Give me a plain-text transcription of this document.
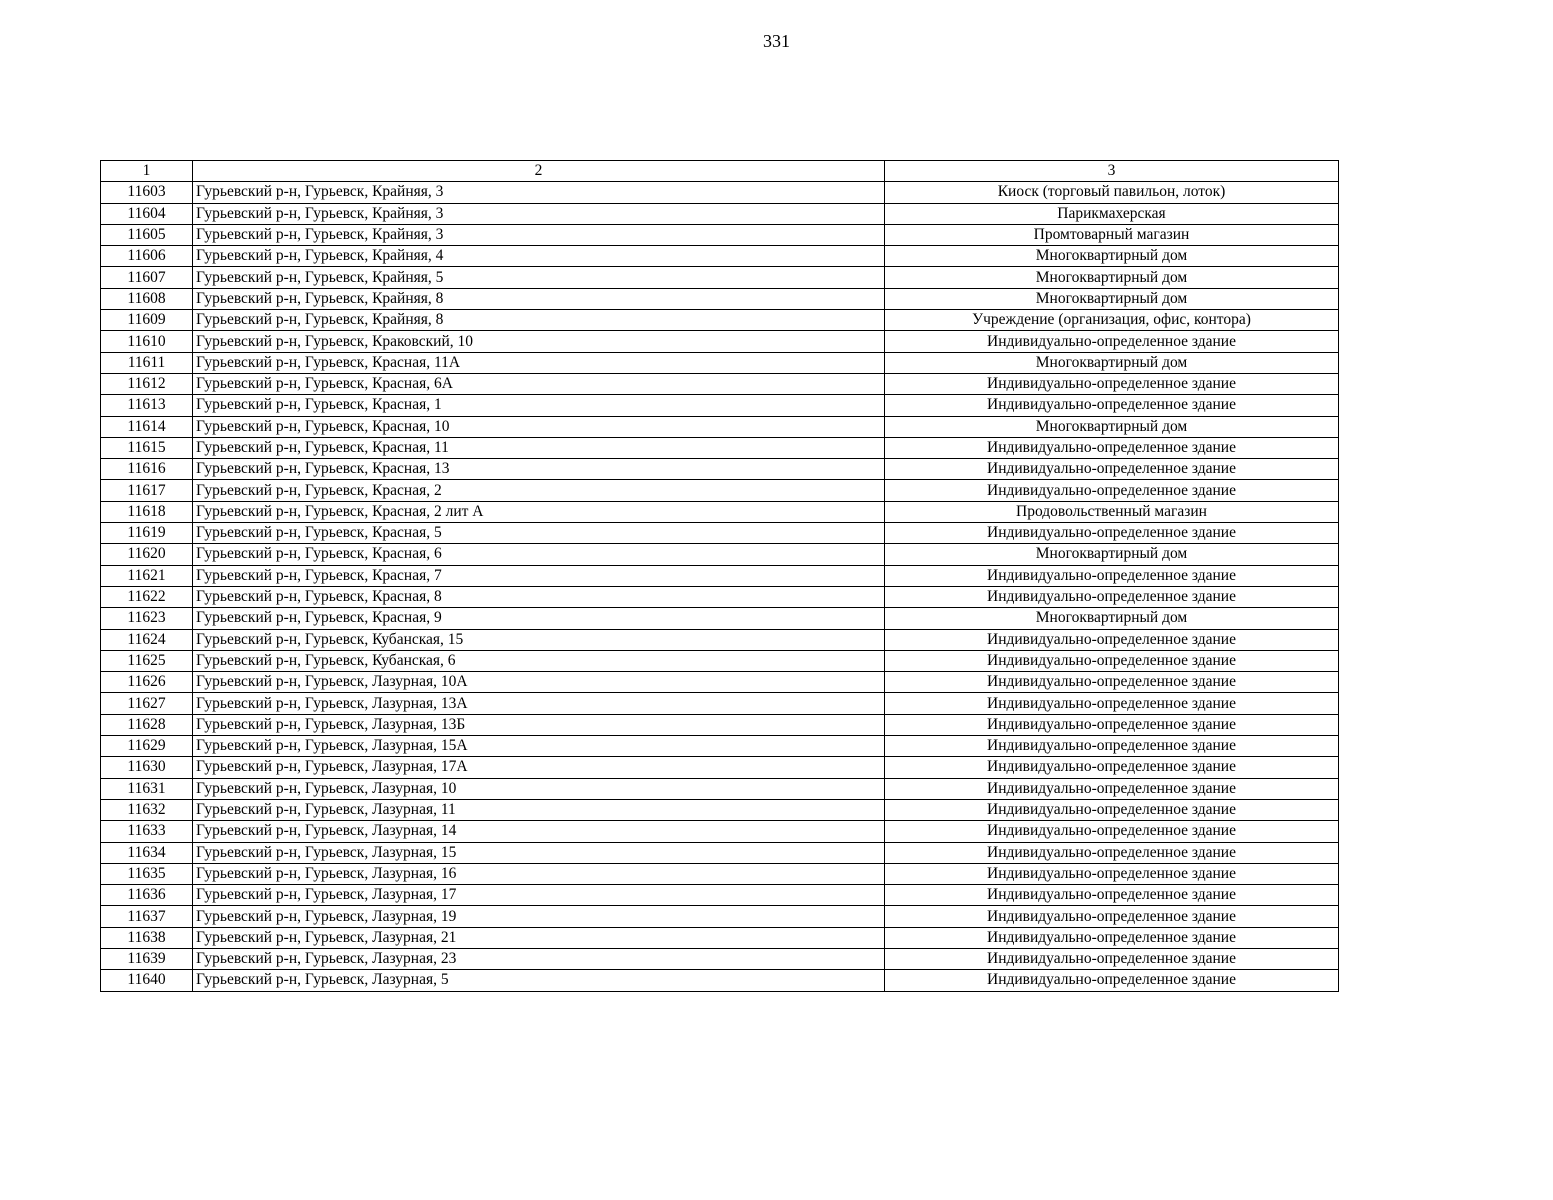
331
1	2	3
11603	Гурьевский р-н, Гурьевск, Крайняя, 3	Киоск (торговый павильон, лоток)
11604	Гурьевский р-н, Гурьевск, Крайняя, 3	Парикмахерская
11605	Гурьевский р-н, Гурьевск, Крайняя, 3	Промтоварный магазин
11606	Гурьевский р-н, Гурьевск, Крайняя, 4	Многоквартирный дом
11607	Гурьевский р-н, Гурьевск, Крайняя, 5	Многоквартирный дом
11608	Гурьевский р-н, Гурьевск, Крайняя, 8	Многоквартирный дом
11609	Гурьевский р-н, Гурьевск, Крайняя, 8	Учреждение (организация, офис, контора)
11610	Гурьевский р-н, Гурьевск, Краковский, 10	Индивидуально-определенное здание
11611	Гурьевский р-н, Гурьевск, Красная, 11А	Многоквартирный дом
11612	Гурьевский р-н, Гурьевск, Красная, 6А	Индивидуально-определенное здание
11613	Гурьевский р-н, Гурьевск, Красная, 1	Индивидуально-определенное здание
11614	Гурьевский р-н, Гурьевск, Красная, 10	Многоквартирный дом
11615	Гурьевский р-н, Гурьевск, Красная, 11	Индивидуально-определенное здание
11616	Гурьевский р-н, Гурьевск, Красная, 13	Индивидуально-определенное здание
11617	Гурьевский р-н, Гурьевск, Красная, 2	Индивидуально-определенное здание
11618	Гурьевский р-н, Гурьевск, Красная, 2 лит А	Продовольственный магазин
11619	Гурьевский р-н, Гурьевск, Красная, 5	Индивидуально-определенное здание
11620	Гурьевский р-н, Гурьевск, Красная, 6	Многоквартирный дом
11621	Гурьевский р-н, Гурьевск, Красная, 7	Индивидуально-определенное здание
11622	Гурьевский р-н, Гурьевск, Красная, 8	Индивидуально-определенное здание
11623	Гурьевский р-н, Гурьевск, Красная, 9	Многоквартирный дом
11624	Гурьевский р-н, Гурьевск, Кубанская, 15	Индивидуально-определенное здание
11625	Гурьевский р-н, Гурьевск, Кубанская, 6	Индивидуально-определенное здание
11626	Гурьевский р-н, Гурьевск, Лазурная, 10А	Индивидуально-определенное здание
11627	Гурьевский р-н, Гурьевск, Лазурная, 13А	Индивидуально-определенное здание
11628	Гурьевский р-н, Гурьевск, Лазурная, 13Б	Индивидуально-определенное здание
11629	Гурьевский р-н, Гурьевск, Лазурная, 15А	Индивидуально-определенное здание
11630	Гурьевский р-н, Гурьевск, Лазурная, 17А	Индивидуально-определенное здание
11631	Гурьевский р-н, Гурьевск, Лазурная, 10	Индивидуально-определенное здание
11632	Гурьевский р-н, Гурьевск, Лазурная, 11	Индивидуально-определенное здание
11633	Гурьевский р-н, Гурьевск, Лазурная, 14	Индивидуально-определенное здание
11634	Гурьевский р-н, Гурьевск, Лазурная, 15	Индивидуально-определенное здание
11635	Гурьевский р-н, Гурьевск, Лазурная, 16	Индивидуально-определенное здание
11636	Гурьевский р-н, Гурьевск, Лазурная, 17	Индивидуально-определенное здание
11637	Гурьевский р-н, Гурьевск, Лазурная, 19	Индивидуально-определенное здание
11638	Гурьевский р-н, Гурьевск, Лазурная, 21	Индивидуально-определенное здание
11639	Гурьевский р-н, Гурьевск, Лазурная, 23	Индивидуально-определенное здание
11640	Гурьевский р-н, Гурьевск, Лазурная, 5	Индивидуально-определенное здание
